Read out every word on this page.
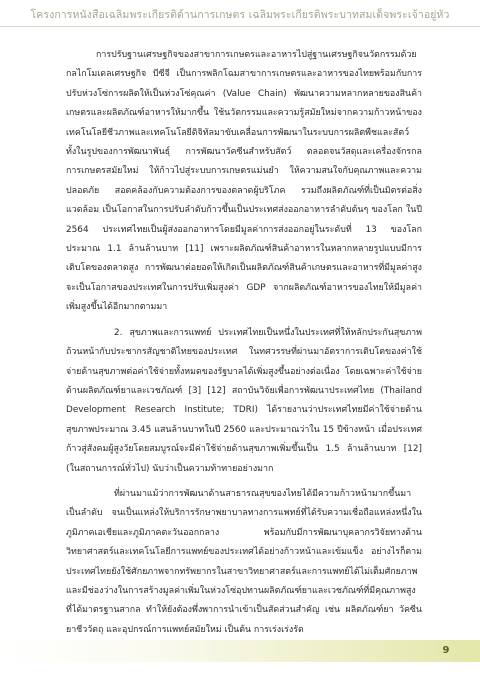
โครงการหนังสือเฉลิมพระเกียรติด้านการเกษตร เฉลิมพระเกียรติพระบาทสมเด็จพระเจ้าอยู่หัว

การปรับฐานเศรษฐกิจของสาขาการเกษตรและอาหารไปสู่ฐานเศรษฐกิจนวัตกรรมด้วยกลไกโมเดลเศรษฐกิจ บีซีจี เป็นการพลิกโฉมสาขาการเกษตรและอาหารของไทยพร้อมกับการปรับห่วงโซ่การผลิตให้เป็นห่วงโซ่คุณค่า (Value Chain) พัฒนาความหลากหลายของสินค้าเกษตรและผลิตภัณฑ์อาหารให้มากขึ้น ใช้นวัตกรรมและความรู้สมัยใหม่จากความก้าวหน้าของเทคโนโลยีชีวภาพและเทคโนโลยีดิจิทัลมาขับเคลื่อนการพัฒนาในระบบการผลิตพืชและสัตว์ ทั้งในรูปของการพัฒนาพันธุ์ การพัฒนาวัคซีนสำหรับสัตว์ ตลอดจนวัสดุและเครื่องจักรกลการเกษตรสมัยใหม่ ให้ก้าวไปสู่ระบบการเกษตรแม่นยำ ให้ความสนใจกับคุณภาพและความปลอดภัย สอดคล้องกับความต้องการของตลาดผู้บริโภค รวมถึงผลิตภัณฑ์ที่เป็นมิตรต่อสิ่งแวดล้อม เป็นโอกาสในการปรับลำดับก้าวขึ้นเป็นประเทศส่งออกอาหารลำดับต้นๆ ของโลก ในปี 2564 ประเทศไทยเป็นผู้ส่งออกอาหารโดยมีมูลค่าการส่งออกอยู่ในระดับที่ 13 ของโลก ประมาณ 1.1 ล้านล้านบาท [11] เพราะผลิตภัณฑ์สินค้าอาหารในหลากหลายรูปแบบมีการเติบโตของตลาดสูง การพัฒนาต่อยอดให้เกิดเป็นผลิตภัณฑ์สินค้าเกษตรและอาหารที่มีมูลค่าสูงจะเป็นโอกาสของประเทศในการปรับเพิ่มสูงค่า GDP จากผลิตภัณฑ์อาหารของไทยให้มีมูลค่าเพิ่มสูงขึ้นได้อีกมากตามมา

2. สุขภาพและการแพทย์ ประเทศไทยเป็นหนึ่งในประเทศที่ให้หลักประกันสุขภาพถ้วนหน้ากับประชากรสัญชาติไทยของประเทศ ในทศวรรษที่ผ่านมาอัตราการเติบโตของค่าใช้จ่ายด้านสุขภาพต่อค่าใช้จ่ายทั้งหมดของรัฐบาลได้เพิ่มสูงขึ้นอย่างต่อเนื่อง โดยเฉพาะค่าใช้จ่ายด้านผลิตภัณฑ์ยาและเวชภัณฑ์ [3] [12] สถาบันวิจัยเพื่อการพัฒนาประเทศไทย (Thailand Development Research Institute; TDRI) ได้รายงานว่าประเทศไทยมีค่าใช้จ่ายด้านสุขภาพประมาณ 3.45 แสนล้านบาทในปี 2560 และประมาณว่าใน 15 ปีข้างหน้า เมื่อประเทศก้าวสู่สังคมผู้สูงวัยโดยสมบูรณ์จะมีค่าใช้จ่ายด้านสุขภาพเพิ่มขึ้นเป็น 1.5 ล้านล้านบาท [12] (ในสถานการณ์ทั่วไป) นับว่าเป็นความท้าทายอย่างมาก

ที่ผ่านมาแม้ว่าการพัฒนาด้านสาธารณสุขของไทยได้มีความก้าวหน้ามากขึ้นมาเป็นลำดับ จนเป็นแหล่งให้บริการรักษาพยาบาลทางการแพทย์ที่ได้รับความเชื่อถือแหล่งหนึ่งในภูมิภาคเอเชียและภูมิภาคตะวันออกกลาง พร้อมกับมีการพัฒนาบุคลากรวิจัยทางด้านวิทยาศาสตร์และเทคโนโลยีการแพทย์ของประเทศได้อย่างก้าวหน้าและเข้มแข็ง อย่างไรก็ตามประเทศไทยยังใช้ศักยภาพจากทรัพยากรในสาขาวิทยาศาสตร์และการแพทย์ได้ไม่เต็มศักยภาพ และมีช่องว่างในการสร้างมูลค่าเพิ่มในห่วงโซ่อุปทานผลิตภัณฑ์ยาและเวชภัณฑ์ที่มีคุณภาพสูง ที่ได้มาตรฐานสากล ทำให้ยังต้องพึ่งพาการนำเข้าเป็นสัดส่วนสำคัญ เช่น ผลิตภัณฑ์ยา วัคซีน ยาชีววัตถุ และอุปกรณ์การแพทย์สมัยใหม่ เป็นต้น การเร่งเร่งรัด

9
